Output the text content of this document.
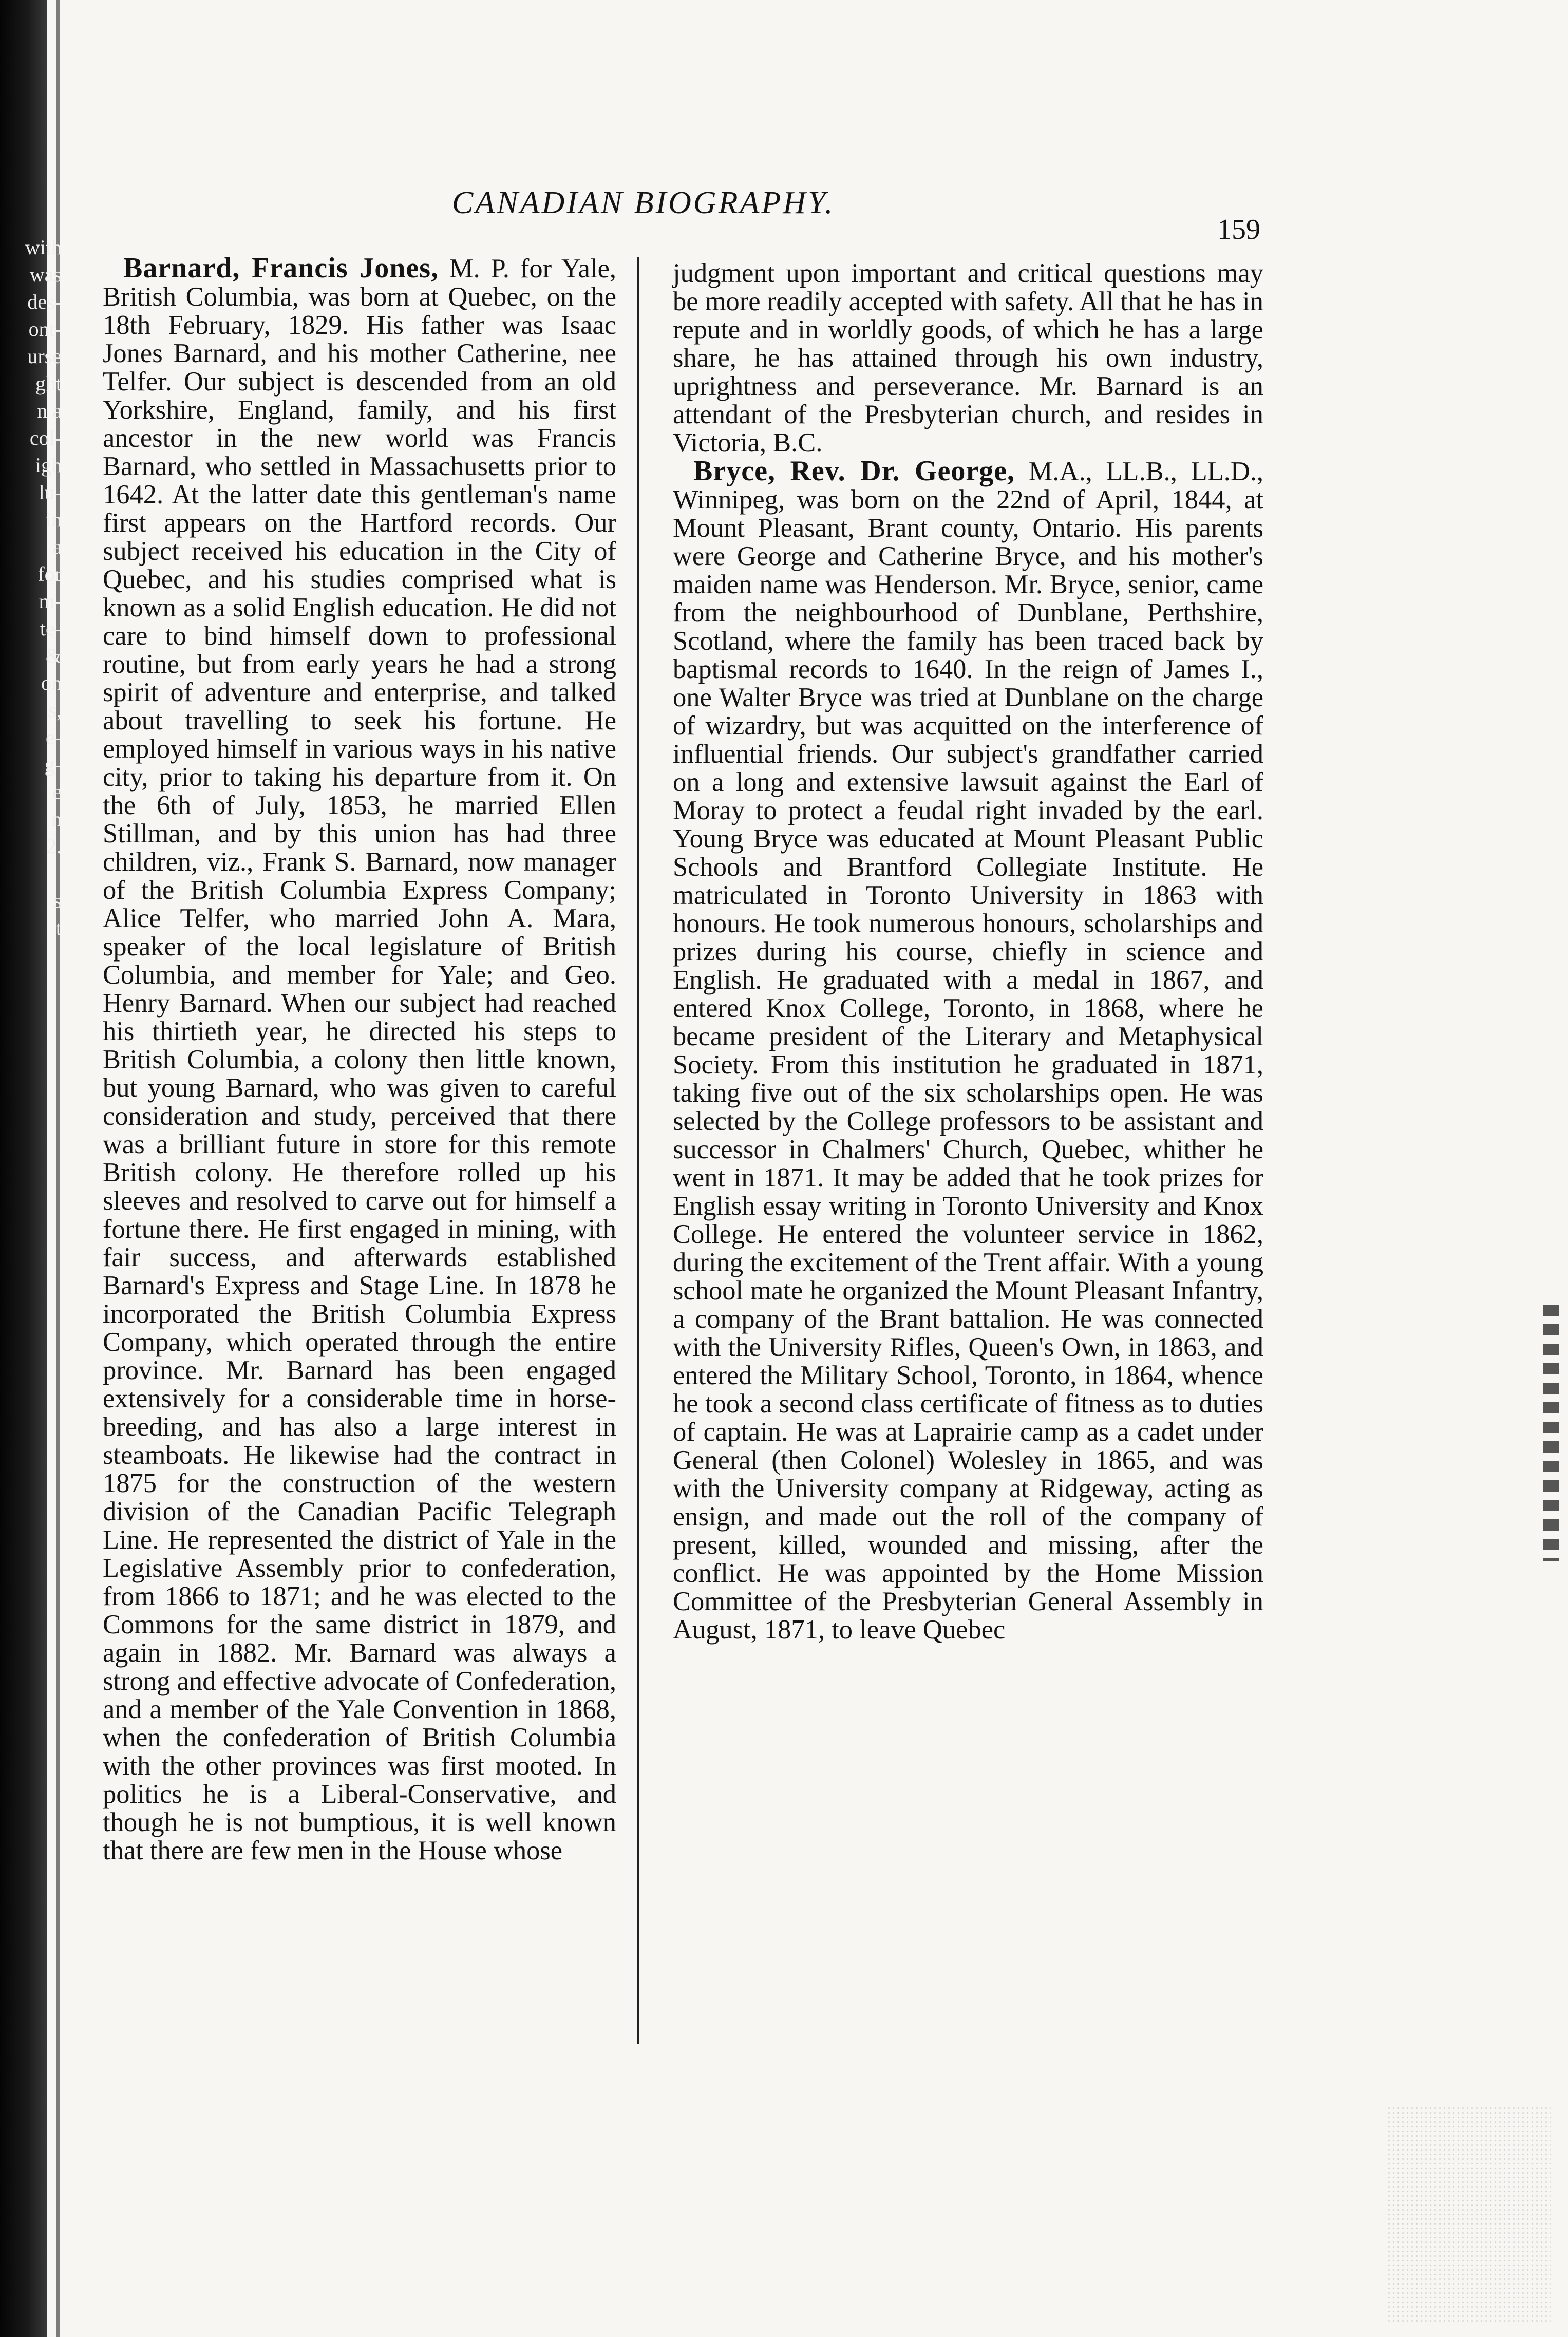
with
was
des-
ont-
urse
ght
n a
col-
igh
lu-
in
a
for
m-
te-
&
on
s,
e-
g-
e
n
2.
s
t
CANADIAN BIOGRAPHY.
159

Barnard, Francis Jones, M. P. for Yale, British Columbia, was born at Quebec, on the 18th February, 1829. His father was Isaac Jones Barnard, and his mother Catherine, nee Telfer. Our subject is descended from an old Yorkshire, England, family, and his first ancestor in the new world was Francis Barnard, who settled in Massachusetts prior to 1642. At the latter date this gentleman's name first appears on the Hartford records. Our subject received his education in the City of Quebec, and his studies comprised what is known as a solid English education. He did not care to bind himself down to professional routine, but from early years he had a strong spirit of adventure and enterprise, and talked about travelling to seek his fortune. He employed himself in various ways in his native city, prior to taking his departure from it. On the 6th of July, 1853, he married Ellen Stillman, and by this union has had three children, viz., Frank S. Barnard, now manager of the British Columbia Express Company; Alice Telfer, who married John A. Mara, speaker of the local legislature of British Columbia, and member for Yale; and Geo. Henry Barnard. When our subject had reached his thirtieth year, he directed his steps to British Columbia, a colony then little known, but young Barnard, who was given to careful consideration and study, perceived that there was a brilliant future in store for this remote British colony. He therefore rolled up his sleeves and resolved to carve out for himself a fortune there. He first engaged in mining, with fair success, and afterwards established Barnard's Express and Stage Line. In 1878 he incorporated the British Columbia Express Company, which operated through the entire province. Mr. Barnard has been engaged extensively for a considerable time in horse-breeding, and has also a large interest in steamboats. He likewise had the contract in 1875 for the construction of the western division of the Canadian Pacific Telegraph Line. He represented the district of Yale in the Legislative Assembly prior to confederation, from 1866 to 1871; and he was elected to the Commons for the same district in 1879, and again in 1882. Mr. Barnard was always a strong and effective advocate of Confederation, and a member of the Yale Convention in 1868, when the confederation of British Columbia with the other provinces was first mooted. In politics he is a Liberal-Conservative, and though he is not bumptious, it is well known that there are few men in the House whose

judgment upon important and critical questions may be more readily accepted with safety. All that he has in repute and in worldly goods, of which he has a large share, he has attained through his own industry, uprightness and perseverance. Mr. Barnard is an attendant of the Presbyterian church, and resides in Victoria, B.C.

Bryce, Rev. Dr. George, M.A., LL.B., LL.D., Winnipeg, was born on the 22nd of April, 1844, at Mount Pleasant, Brant county, Ontario. His parents were George and Catherine Bryce, and his mother's maiden name was Henderson. Mr. Bryce, senior, came from the neighbourhood of Dunblane, Perthshire, Scotland, where the family has been traced back by baptismal records to 1640. In the reign of James I., one Walter Bryce was tried at Dunblane on the charge of wizardry, but was acquitted on the interference of influential friends. Our subject's grandfather carried on a long and extensive lawsuit against the Earl of Moray to protect a feudal right invaded by the earl. Young Bryce was educated at Mount Pleasant Public Schools and Brantford Collegiate Institute. He matriculated in Toronto University in 1863 with honours. He took numerous honours, scholarships and prizes during his course, chiefly in science and English. He graduated with a medal in 1867, and entered Knox College, Toronto, in 1868, where he became president of the Literary and Metaphysical Society. From this institution he graduated in 1871, taking five out of the six scholarships open. He was selected by the College professors to be assistant and successor in Chalmers' Church, Quebec, whither he went in 1871. It may be added that he took prizes for English essay writing in Toronto University and Knox College. He entered the volunteer service in 1862, during the excitement of the Trent affair. With a young school mate he organized the Mount Pleasant Infantry, a company of the Brant battalion. He was connected with the University Rifles, Queen's Own, in 1863, and entered the Military School, Toronto, in 1864, whence he took a second class certificate of fitness as to duties of captain. He was at Laprairie camp as a cadet under General (then Colonel) Wolesley in 1865, and was with the University company at Ridgeway, acting as ensign, and made out the roll of the company of present, killed, wounded and missing, after the conflict. He was appointed by the Home Mission Committee of the Presbyterian General Assembly in August, 1871, to leave Quebec
